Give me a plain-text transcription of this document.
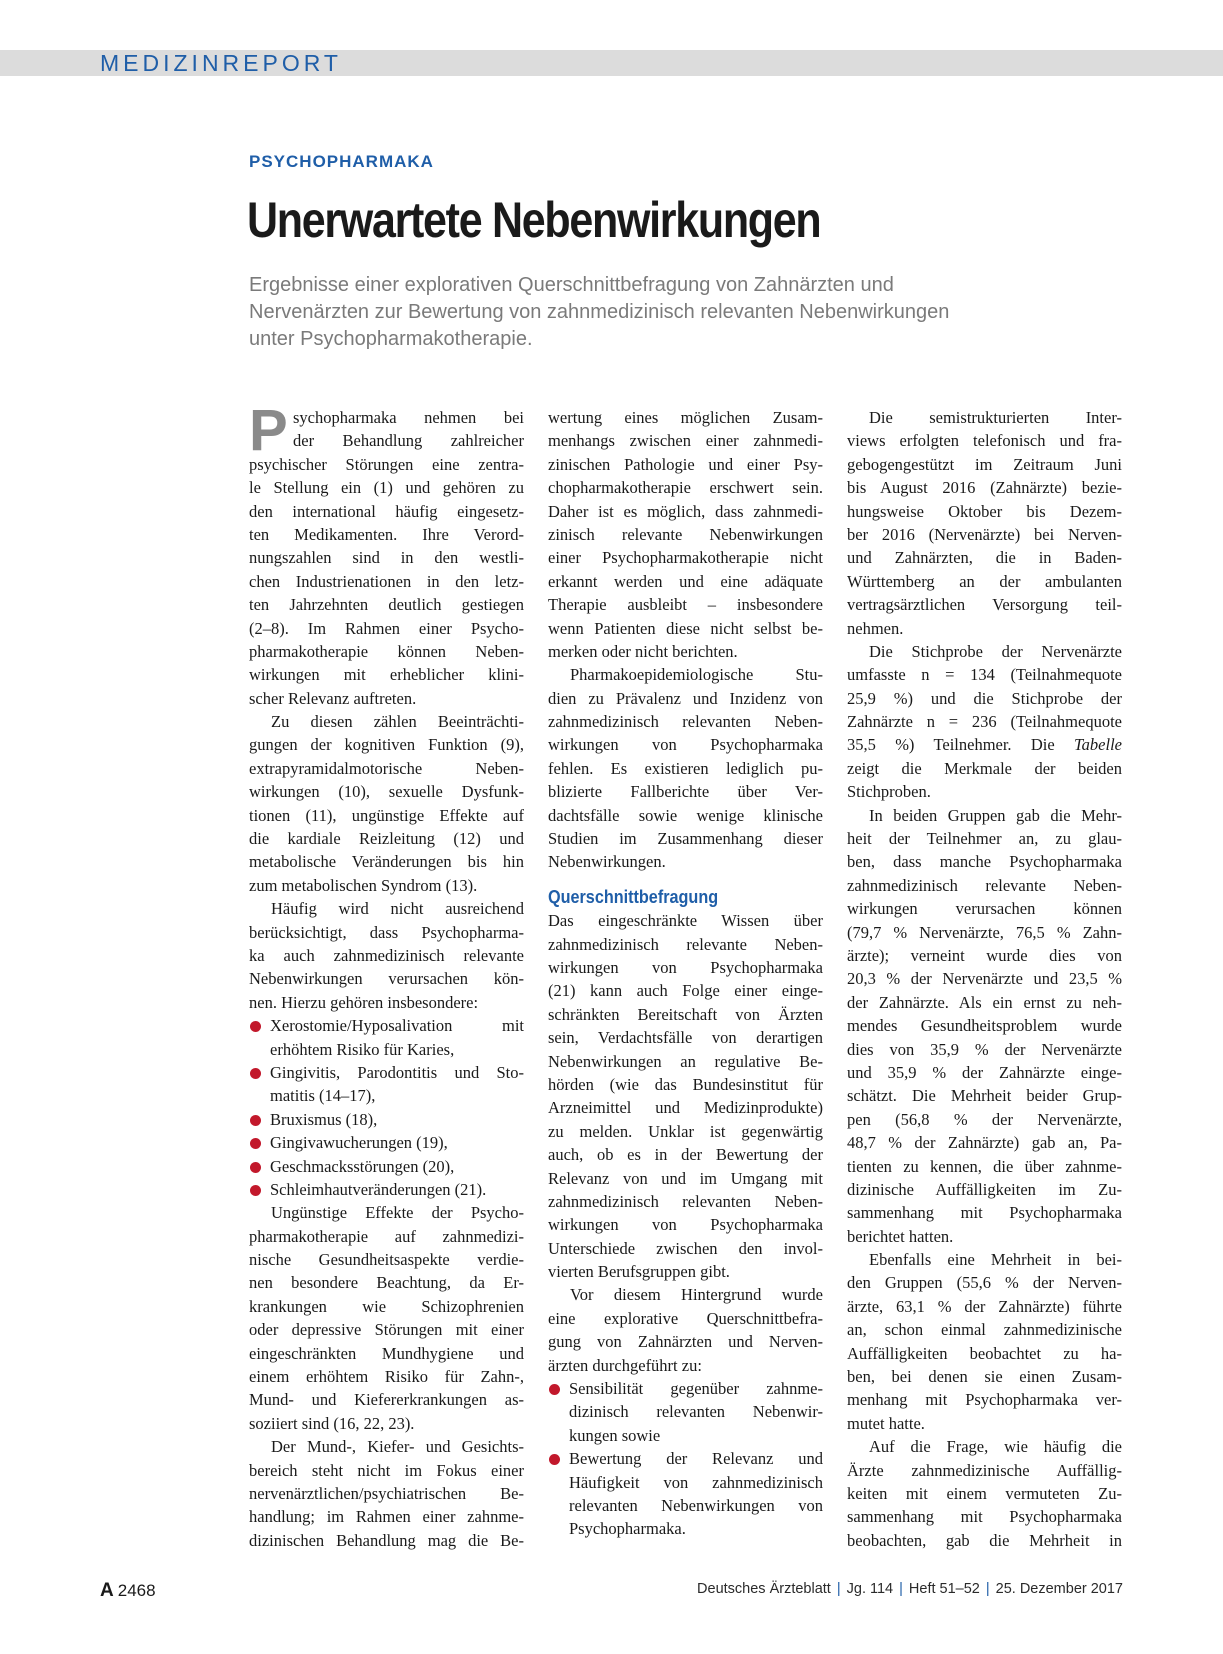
MEDIZINREPORT
PSYCHOPHARMAKA
Unerwartete Nebenwirkungen
Ergebnisse einer explorativen Querschnittbefragung von Zahnärzten und
Nervenärzten zur Bewertung von zahnmedizinisch relevanten Nebenwirkungen
unter Psychopharmakotherapie.
P sychopharmaka nehmen bei
der Behandlung zahlreicher
psychischer Störungen eine zentra-
le Stellung ein (1) und gehören zu
den international häufig eingesetz-
ten Medikamenten. Ihre Verord-
nungszahlen sind in den westli-
chen Industrienationen in den letz-
ten Jahrzehnten deutlich gestiegen
(2–8). Im Rahmen einer Psycho-
pharmakotherapie können Neben-
wirkungen mit erheblicher klini-
scher Relevanz auftreten.
Zu diesen zählen Beeinträchti-
gungen der kognitiven Funktion (9),
extrapyramidalmotorische Neben-
wirkungen (10), sexuelle Dysfunk-
tionen (11), ungünstige Effekte auf
die kardiale Reizleitung (12) und
metabolische Veränderungen bis hin
zum metabolischen Syndrom (13).
Häufig wird nicht ausreichend
berücksichtigt, dass Psychopharma-
ka auch zahnmedizinisch relevante
Nebenwirkungen verursachen kön-
nen. Hierzu gehören insbesondere:
Xerostomie/Hyposalivation mit
erhöhtem Risiko für Karies,
Gingivitis, Parodontitis und Sto-
matitis (14–17),
Bruxismus (18),
Gingivawucherungen (19),
Geschmacksstörungen (20),
Schleimhautveränderungen (21).
Ungünstige Effekte der Psycho-
pharmakotherapie auf zahnmedizi-
nische Gesundheitsaspekte verdie-
nen besondere Beachtung, da Er-
krankungen wie Schizophrenien
oder depressive Störungen mit einer
eingeschränkten Mundhygiene und
einem erhöhtem Risiko für Zahn-,
Mund- und Kiefererkrankungen as-
soziiert sind (16, 22, 23).
Der Mund-, Kiefer- und Gesichts-
bereich steht nicht im Fokus einer
nervenärztlichen/psychiatrischen Be-
handlung; im Rahmen einer zahnme-
dizinischen Behandlung mag die Be-
wertung eines möglichen Zusam-
menhangs zwischen einer zahnmedi-
zinischen Pathologie und einer Psy-
chopharmakotherapie erschwert sein.
Daher ist es möglich, dass zahnmedi-
zinisch relevante Nebenwirkungen
einer Psychopharmakotherapie nicht
erkannt werden und eine adäquate
Therapie ausbleibt – insbesondere
wenn Patienten diese nicht selbst be-
merken oder nicht berichten.
Pharmakoepidemiologische Stu-
dien zu Prävalenz und Inzidenz von
zahnmedizinisch relevanten Neben-
wirkungen von Psychopharmaka
fehlen. Es existieren lediglich pu-
blizierte Fallberichte über Ver-
dachtsfälle sowie wenige klinische
Studien im Zusammenhang dieser
Nebenwirkungen.
Querschnittbefragung
Das eingeschränkte Wissen über
zahnmedizinisch relevante Neben-
wirkungen von Psychopharmaka
(21) kann auch Folge einer einge-
schränkten Bereitschaft von Ärzten
sein, Verdachtsfälle von derartigen
Nebenwirkungen an regulative Be-
hörden (wie das Bundesinstitut für
Arzneimittel und Medizinprodukte)
zu melden. Unklar ist gegenwärtig
auch, ob es in der Bewertung der
Relevanz von und im Umgang mit
zahnmedizinisch relevanten Neben-
wirkungen von Psychopharmaka
Unterschiede zwischen den invol-
vierten Berufsgruppen gibt.
Vor diesem Hintergrund wurde
eine explorative Querschnittbefra-
gung von Zahnärzten und Nerven-
ärzten durchgeführt zu:
Sensibilität gegenüber zahnme-
dizinisch relevanten Nebenwir-
kungen sowie
Bewertung der Relevanz und
Häufigkeit von zahnmedizinisch
relevanten Nebenwirkungen von
Psychopharmaka.
Die semistrukturierten Inter-
views erfolgten telefonisch und fra-
gebogengestützt im Zeitraum Juni
bis August 2016 (Zahnärzte) bezie-
hungsweise Oktober bis Dezem-
ber 2016 (Nervenärzte) bei Nerven-
und Zahnärzten, die in Baden-
Württemberg an der ambulanten
vertragsärztlichen Versorgung teil-
nehmen.
Die Stichprobe der Nervenärzte
umfasste n = 134 (Teilnahmequote
25,9 %) und die Stichprobe der
Zahnärzte n = 236 (Teilnahmequote
35,5 %) Teilnehmer. Die Tabelle
zeigt die Merkmale der beiden
Stichproben.
In beiden Gruppen gab die Mehr-
heit der Teilnehmer an, zu glau-
ben, dass manche Psychopharmaka
zahnmedizinisch relevante Neben-
wirkungen verursachen können
(79,7 % Nervenärzte, 76,5 % Zahn-
ärzte); verneint wurde dies von
20,3 % der Nervenärzte und 23,5 %
der Zahnärzte. Als ein ernst zu neh-
mendes Gesundheitsproblem wurde
dies von 35,9 % der Nervenärzte
und 35,9 % der Zahnärzte einge-
schätzt. Die Mehrheit beider Grup-
pen (56,8 % der Nervenärzte,
48,7 % der Zahnärzte) gab an, Pa-
tienten zu kennen, die über zahnme-
dizinische Auffälligkeiten im Zu-
sammenhang mit Psychopharmaka
berichtet hatten.
Ebenfalls eine Mehrheit in bei-
den Gruppen (55,6 % der Nerven-
ärzte, 63,1 % der Zahnärzte) führte
an, schon einmal zahnmedizinische
Auffälligkeiten beobachtet zu ha-
ben, bei denen sie einen Zusam-
menhang mit Psychopharmaka ver-
mutet hatte.
Auf die Frage, wie häufig die
Ärzte zahnmedizinische Auffällig-
keiten mit einem vermuteten Zu-
sammenhang mit Psychopharmaka
beobachten, gab die Mehrheit in
A 2468	Deutsches Ärzteblatt | Jg. 114 | Heft 51–52 | 25. Dezember 2017
